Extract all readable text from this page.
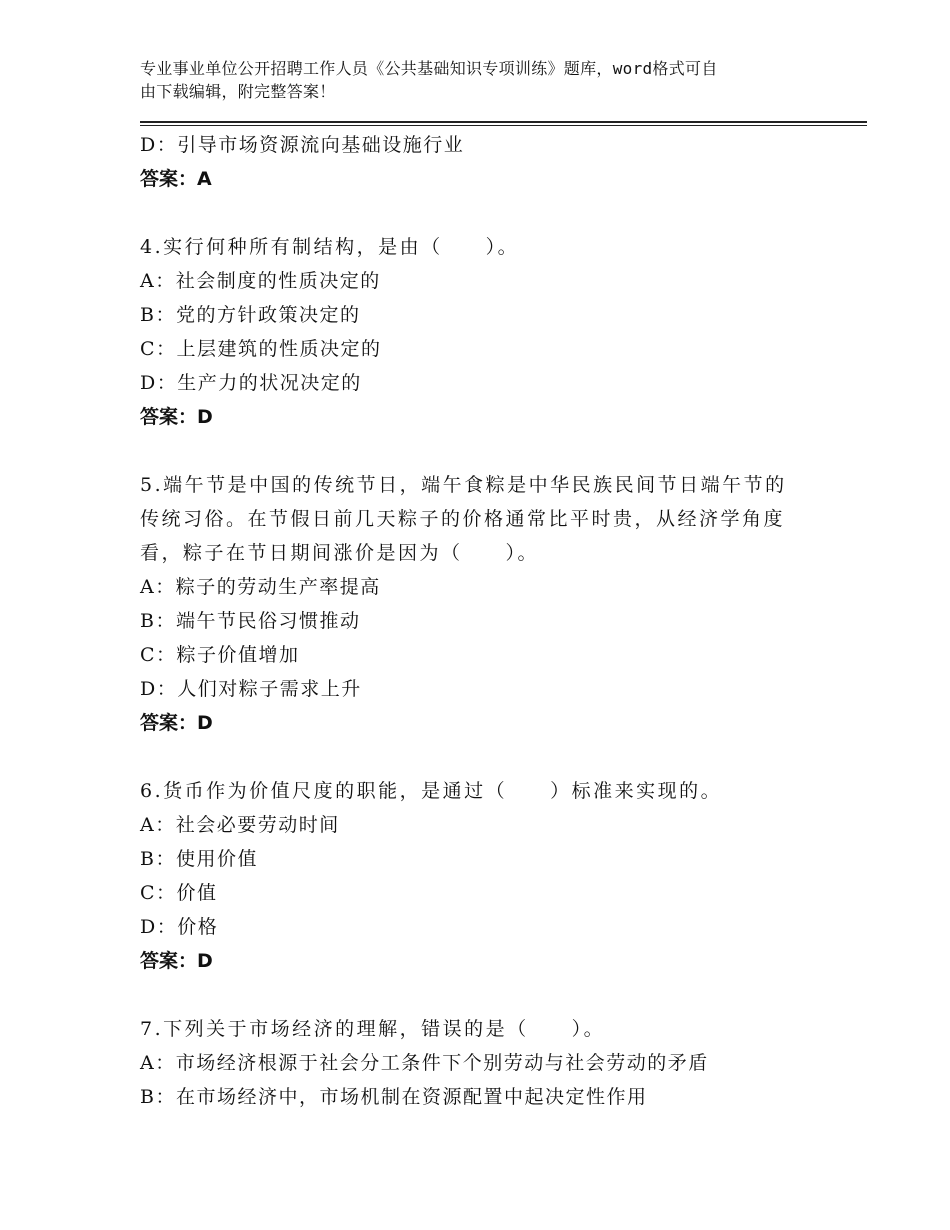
专业事业单位公开招聘工作人员《公共基础知识专项训练》题库，word格式可自
由下载编辑，附完整答案！
D：引导市场资源流向基础设施行业
答案：A
4.实行何种所有制结构，是由（　　）。
A：社会制度的性质决定的
B：党的方针政策决定的
C：上层建筑的性质决定的
D：生产力的状况决定的
答案：D
5.端午节是中国的传统节日，端午食粽是中华民族民间节日端午节的
传统习俗。在节假日前几天粽子的价格通常比平时贵，从经济学角度
看，粽子在节日期间涨价是因为（　　）。
A：粽子的劳动生产率提高
B：端午节民俗习惯推动
C：粽子价值增加
D：人们对粽子需求上升
答案：D
6.货币作为价值尺度的职能，是通过（　　）标准来实现的。
A：社会必要劳动时间
B：使用价值
C：价值
D：价格
答案：D
7.下列关于市场经济的理解，错误的是（　　）。
A：市场经济根源于社会分工条件下个别劳动与社会劳动的矛盾
B：在市场经济中，市场机制在资源配置中起决定性作用
